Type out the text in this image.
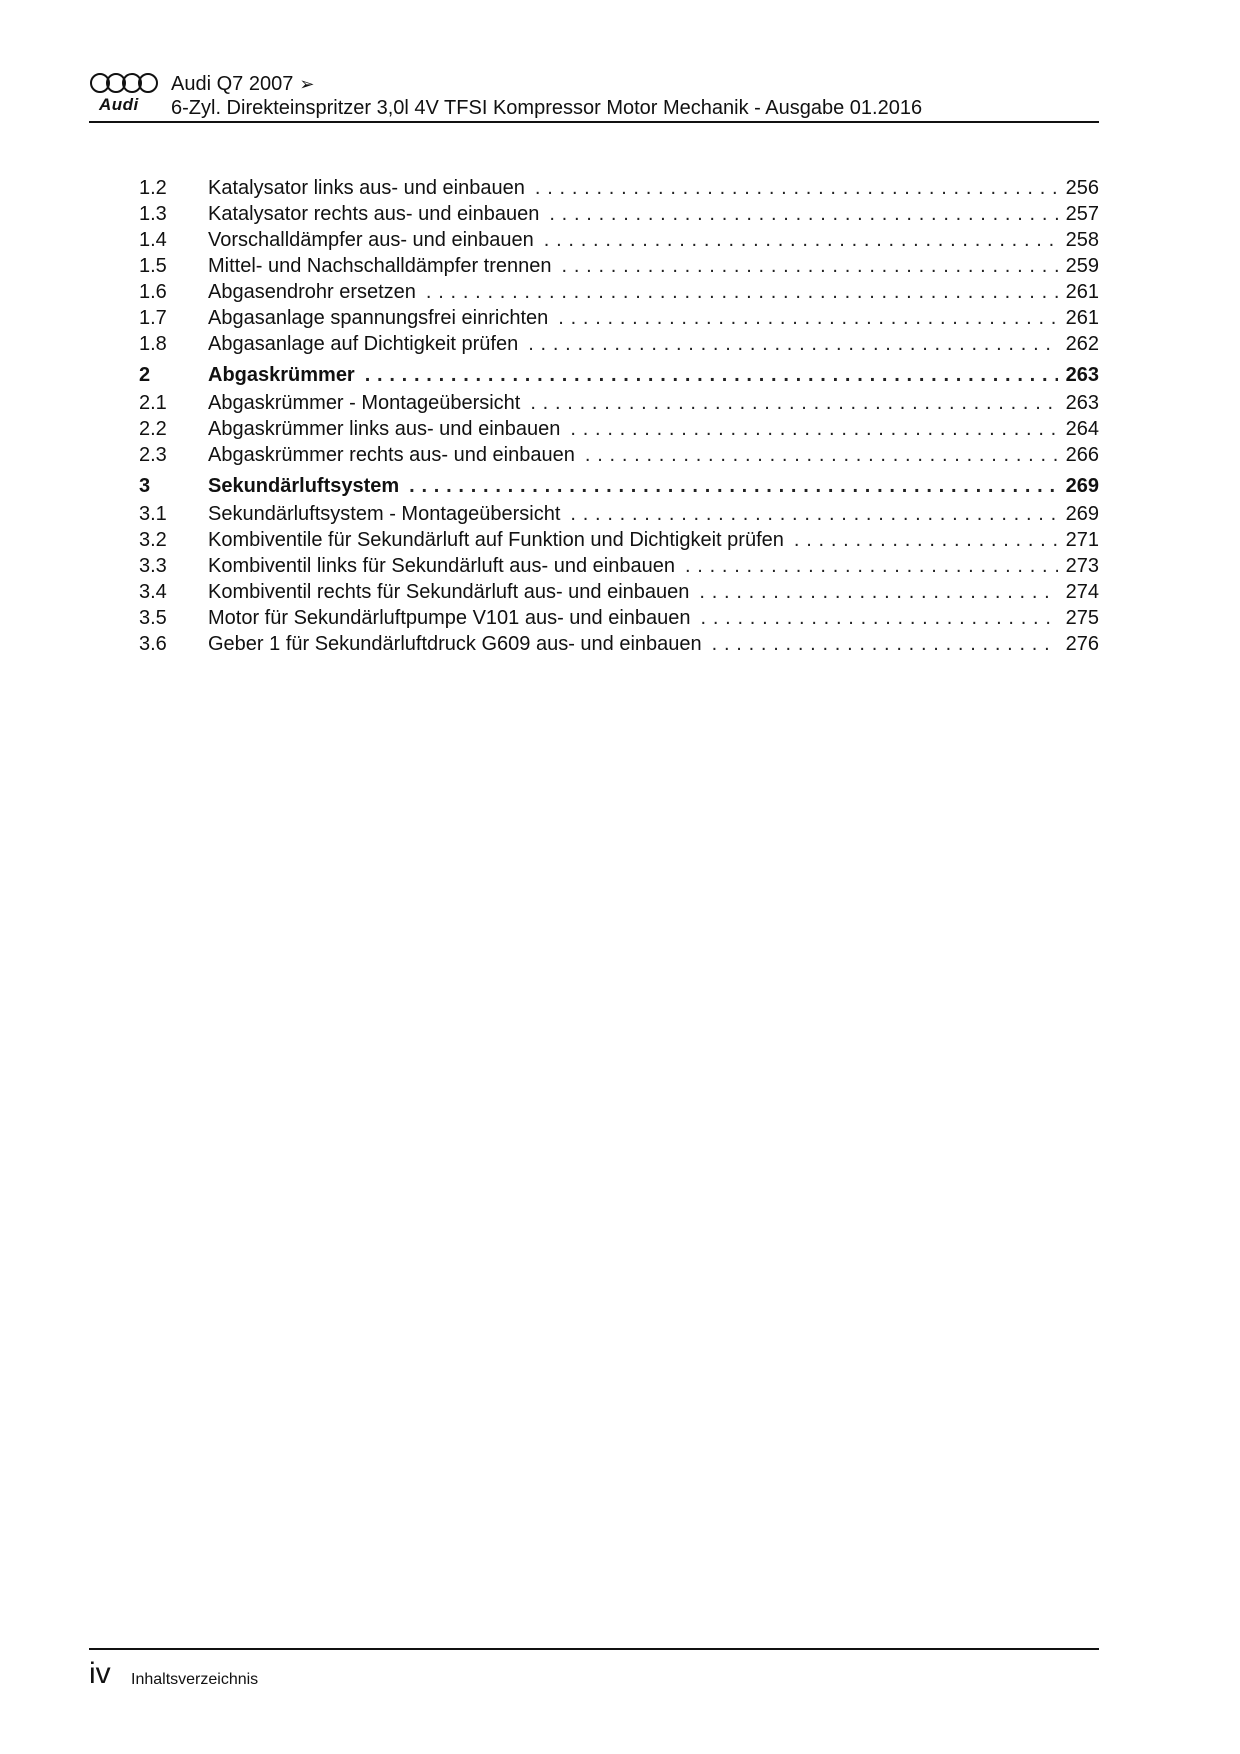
Audi
Audi Q7 2007 ➢
6-Zyl. Direkteinspritzer 3,0l 4V TFSI Kompressor Motor Mechanik - Ausgabe 01.2016
1.2	Katalysator links aus- und einbauen . . .	256
1.3	Katalysator rechts aus- und einbauen . . .	257
1.4	Vorschalldämpfer aus- und einbauen . . .	258
1.5	Mittel- und Nachschalldämpfer trennen . . .	259
1.6	Abgasendrohr ersetzen . . .	261
1.7	Abgasanlage spannungsfrei einrichten . . .	261
1.8	Abgasanlage auf Dichtigkeit prüfen . . .	262
2	Abgaskrümmer . . .	263
2.1	Abgaskrümmer - Montageübersicht . . .	263
2.2	Abgaskrümmer links aus- und einbauen . . .	264
2.3	Abgaskrümmer rechts aus- und einbauen . . .	266
3	Sekundärluftsystem . . .	269
3.1	Sekundärluftsystem - Montageübersicht . . .	269
3.2	Kombiventile für Sekundärluft auf Funktion und Dichtigkeit prüfen . . .	271
3.3	Kombiventil links für Sekundärluft aus- und einbauen . . .	273
3.4	Kombiventil rechts für Sekundärluft aus- und einbauen . . .	274
3.5	Motor für Sekundärluftpumpe V101 aus- und einbauen . . .	275
3.6	Geber 1 für Sekundärluftdruck G609 aus- und einbauen . . .	276
iv Inhaltsverzeichnis
